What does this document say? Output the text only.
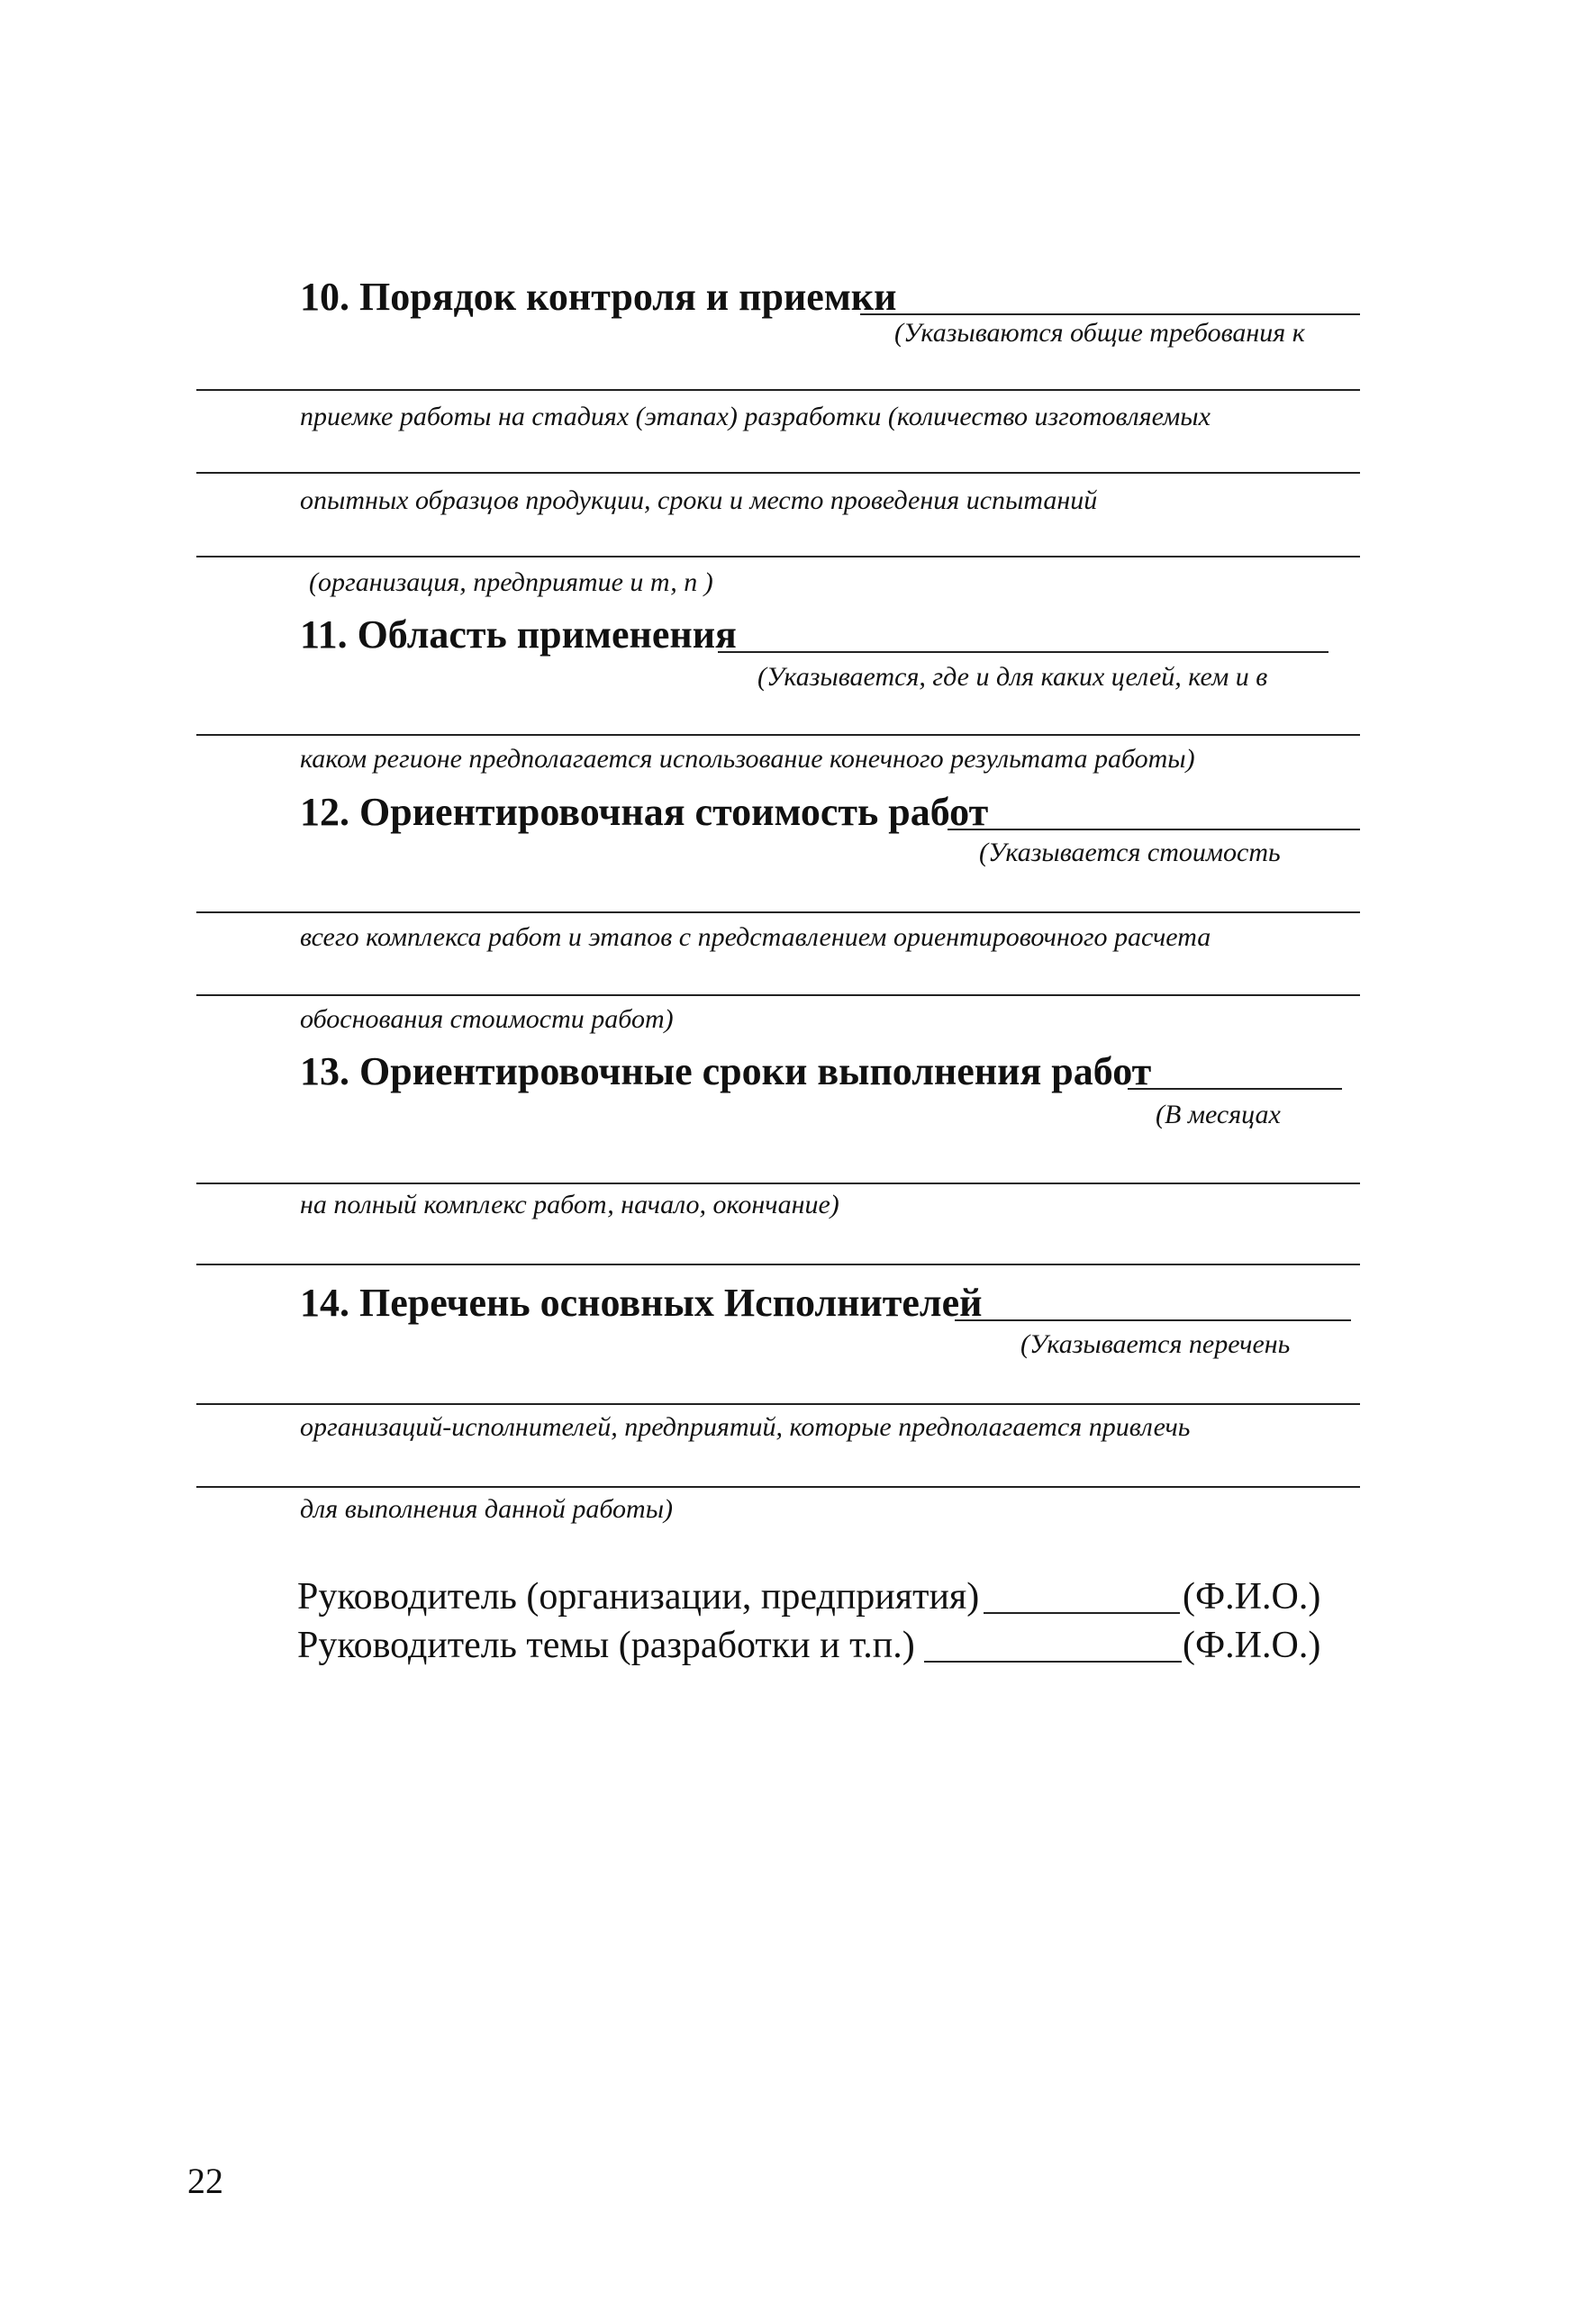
10. Порядок контроля и приемки
(Указываются общие требования к
приемке работы на стадиях (этапах) разработки (количество изготовляемых
опытных образцов продукции, сроки и место проведения испытаний
(организация, предприятие и т, п )
11. Область применения
(Указывается, где и для каких целей, кем и в
каком регионе предполагается использование конечного результата работы)
12. Ориентировочная стоимость работ
(Указывается стоимость
всего комплекса работ и этапов с представлением ориентировочного расчета
обоснования стоимости работ)
13. Ориентировочные сроки выполнения работ
(В месяцах
на полный комплекс работ, начало, окончание)
14. Перечень основных Исполнителей
(Указывается перечень
организаций-исполнителей, предприятий, которые предполагается привлечь
для выполнения данной работы)
Руководитель (организации, предприятия)	(Ф.И.О.)
Руководитель темы (разработки и т.п.)	(Ф.И.О.)
22
